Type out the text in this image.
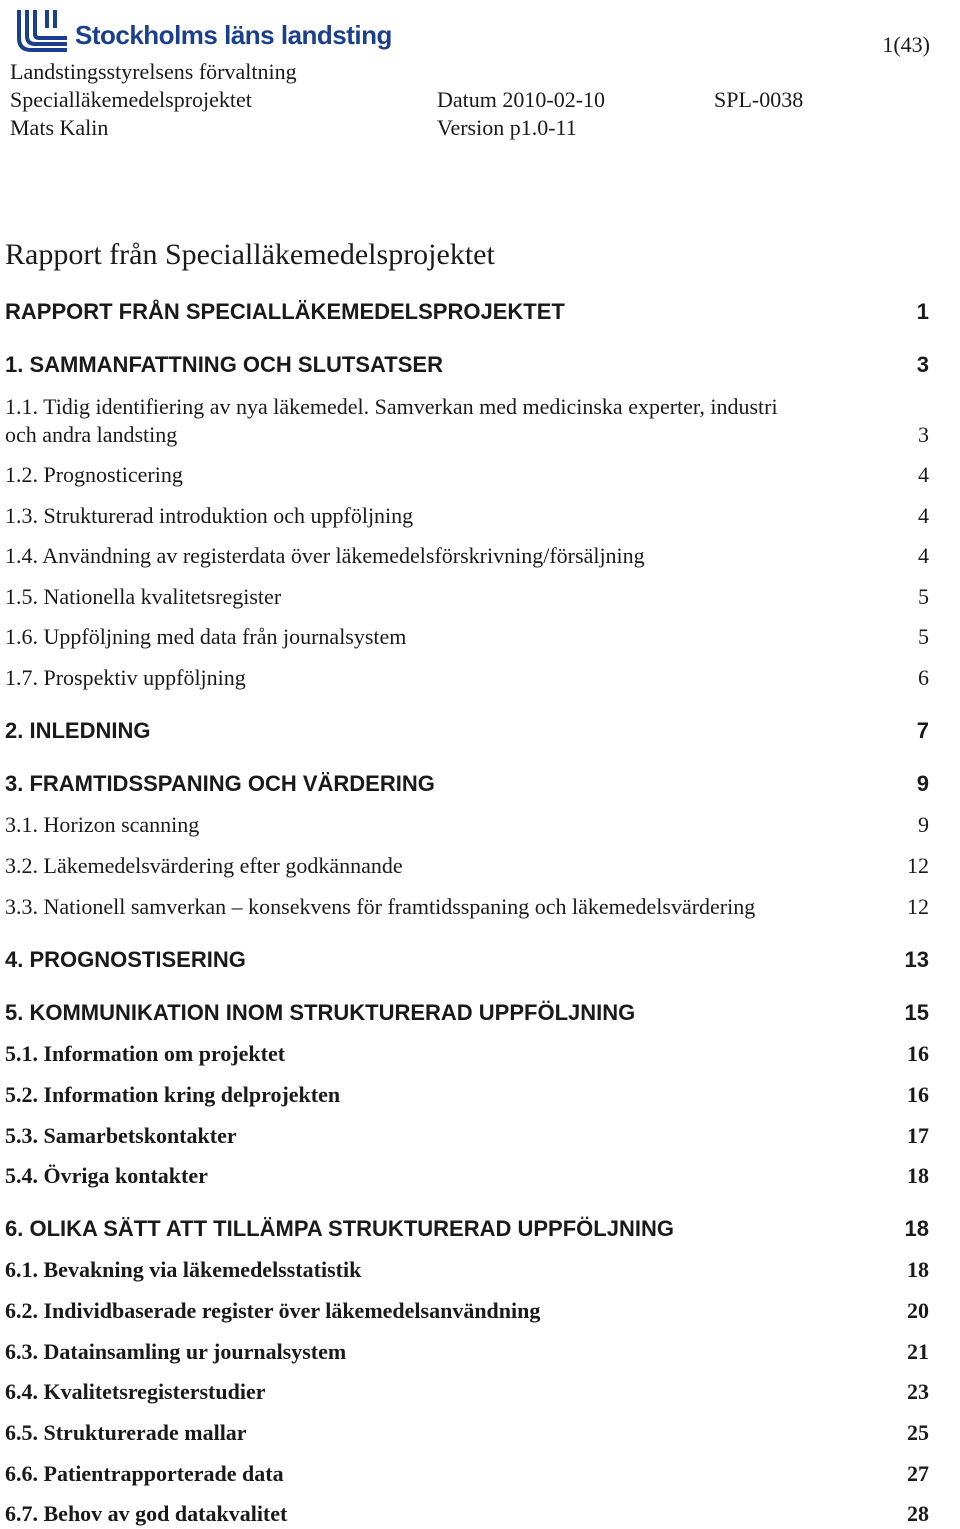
Stockholms läns landsting	1(43)
Landstingsstyrelsens förvaltning
Specialläkemedelsprojektet	Datum 2010-02-10	SPL-0038
Mats Kalin	Version p1.0-11
Rapport från Specialläkemedelsprojektet
RAPPORT FRÅN SPECIALLÄKEMEDELSPROJEKTET	1
1. SAMMANFATTNING OCH SLUTSATSER	3
1.1. Tidig identifiering av nya läkemedel. Samverkan med medicinska experter, industri
och andra landsting	3
1.2. Prognosticering	4
1.3. Strukturerad introduktion och uppföljning	4
1.4. Användning av registerdata över läkemedelsförskrivning/försäljning	4
1.5. Nationella kvalitetsregister	5
1.6. Uppföljning med data från journalsystem	5
1.7. Prospektiv uppföljning	6
2. INLEDNING	7
3. FRAMTIDSSPANING OCH VÄRDERING	9
3.1. Horizon scanning	9
3.2. Läkemedelsvärdering efter godkännande	12
3.3. Nationell samverkan – konsekvens för framtidsspaning och läkemedelsvärdering	12
4. PROGNOSTISERING	13
5. KOMMUNIKATION INOM STRUKTURERAD UPPFÖLJNING	15
5.1. Information om projektet	16
5.2. Information kring delprojekten	16
5.3. Samarbetskontakter	17
5.4. Övriga kontakter	18
6. OLIKA SÄTT ATT TILLÄMPA STRUKTURERAD UPPFÖLJNING	18
6.1. Bevakning via läkemedelsstatistik	18
6.2. Individbaserade register över läkemedelsanvändning	20
6.3. Datainsamling ur journalsystem	21
6.4. Kvalitetsregisterstudier	23
6.5. Strukturerade mallar	25
6.6. Patientrapporterade data	27
6.7. Behov av god datakvalitet	28
